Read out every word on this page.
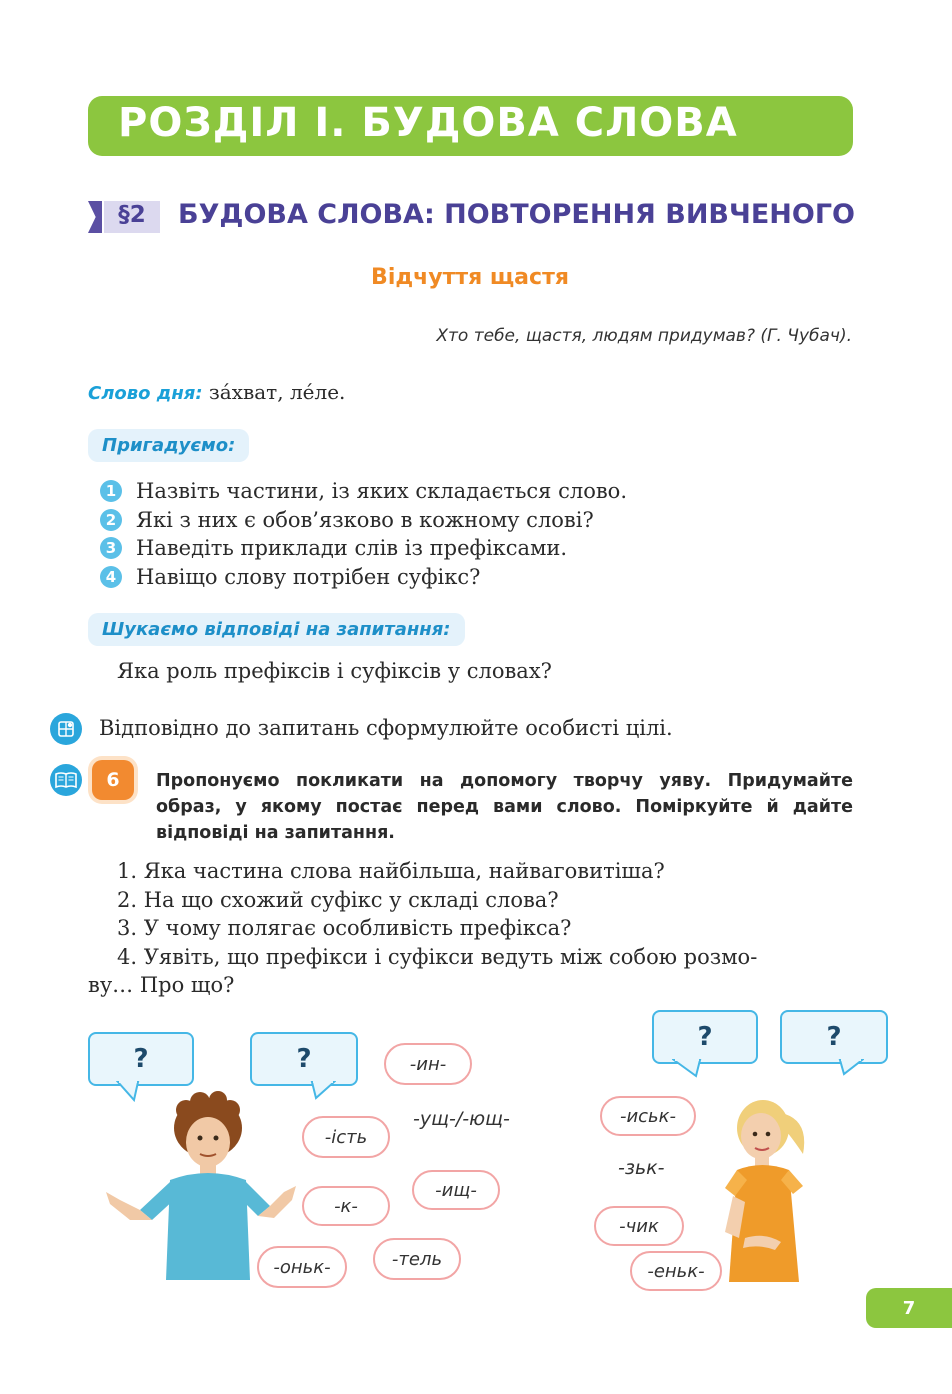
РОЗДІЛ І. БУДОВА СЛОВА
§2	БУДОВА СЛОВА: ПОВТОРЕННЯ ВИВЧЕНОГО
Відчуття щастя
Хто тебе, щастя, людям придумав? (Г. Чубач).
Слово дня: зáхват, лéле.
Пригадуємо:
1 Назвіть частини, із яких складається слово.
2 Які з них є обов’язково в кожному слові?
3 Наведіть приклади слів із префіксами.
4 Навіщо слову потрібен суфікс?
Шукаємо відповіді на запитання:
Яка роль префіксів і суфіксів у словах?
Відповідно до запитань сформулюйте особисті цілі.
6	Пропонуємо покликати на допомогу творчу уяву. Придумайте образ, у якому постає перед вами слово. Поміркуйте й дайте відповіді на запитання.
1. Яка частина слова найбільша, найваговитіша?
2. На що схожий суфікс у складі слова?
3. У чому полягає особливість префікса?
4. Уявіть, що префікси і суфікси ведуть між собою розмо-
ву… Про що?
?	?	-ин-
-ущ-/-ющ-
-ість
-к-
-ищ-
-оньк-	-тель
?	?
-иськ-
-зьк-
-чик
-еньк-
7
